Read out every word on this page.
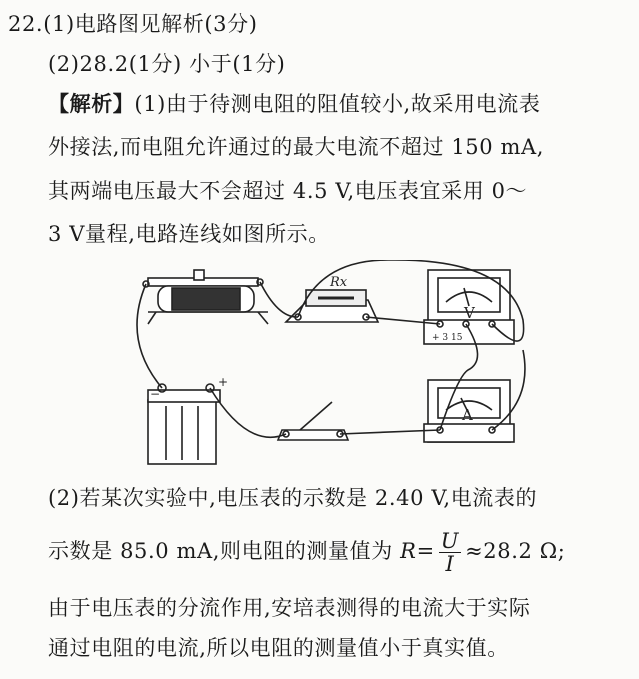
22.(1)电路图见解析(3分)
(2)28.2(1分) 小于(1分)
【解析】(1)由于待测电阻的阻值较小,故采用电流表
外接法,而电阻允许通过的最大电流不超过 150 mA,
其两端电压最大不会超过 4.5 V,电压表宜采用 0～
3 V量程,电路连线如图所示。
Rx
V
+ 3 15
A
−
+
(2)若某次实验中,电压表的示数是 2.40 V,电流表的
示数是 85.0 mA,则电阻的测量值为 $R= \frac{U}{I} \approx 28.2$ Ω;
由于电压表的分流作用,安培表测得的电流大于实际
通过电阻的电流,所以电阻的测量值小于真实值。
